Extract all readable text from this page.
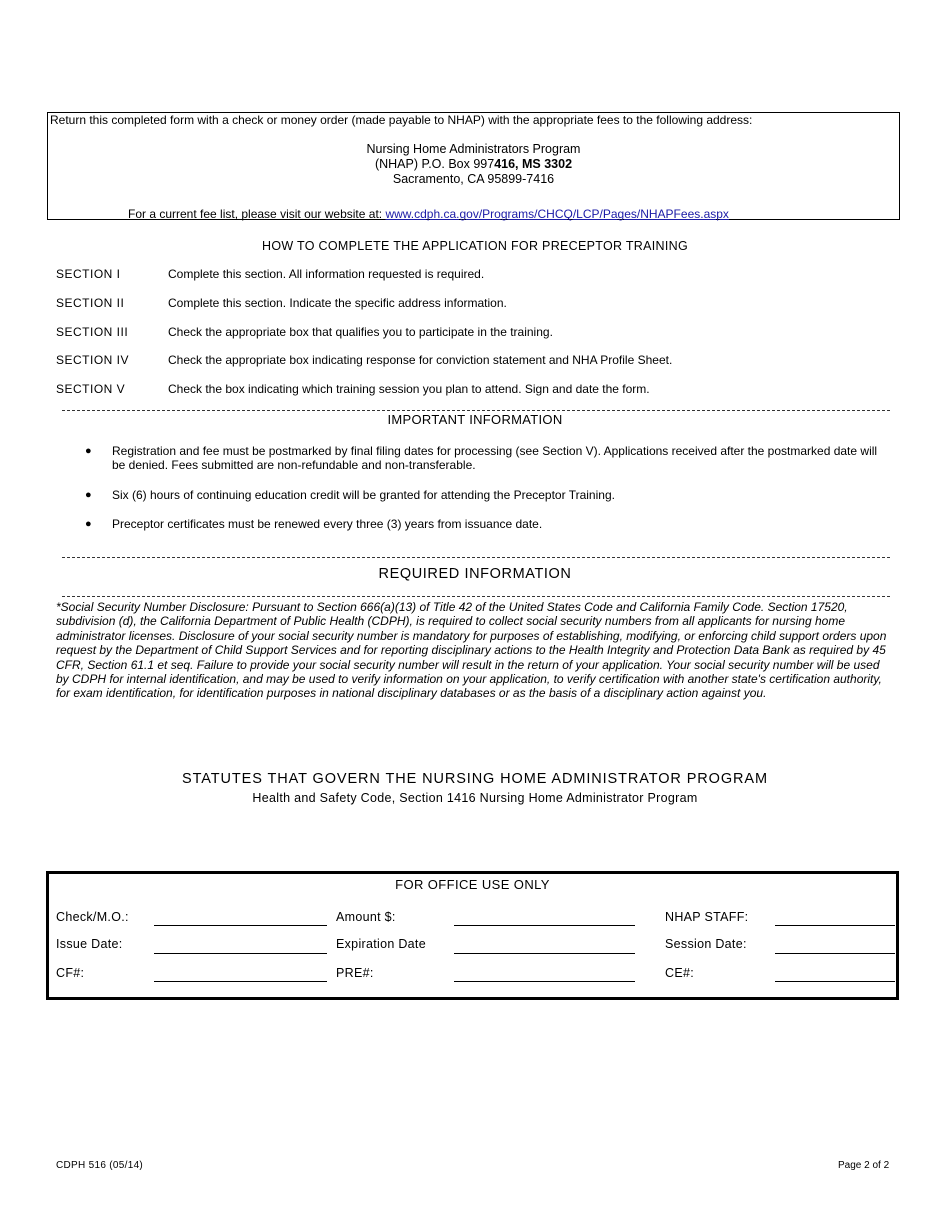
Return this completed form with a check or money order (made payable to NHAP) with the appropriate fees to the following address:
Nursing Home Administrators Program
(NHAP) P.O. Box 997416, MS 3302
Sacramento, CA 95899-7416
For a current fee list, please visit our website at: www.cdph.ca.gov/Programs/CHCQ/LCP/Pages/NHAPFees.aspx
HOW TO COMPLETE THE APPLICATION FOR PRECEPTOR TRAINING
SECTION I	Complete this section. All information requested is required.
SECTION II	Complete this section. Indicate the specific address information.
SECTION III	Check the appropriate box that qualifies you to participate in the training.
SECTION IV	Check the appropriate box indicating response for conviction statement and NHA Profile Sheet.
SECTION V	Check the box indicating which training session you plan to attend. Sign and date the form.
IMPORTANT INFORMATION
● Registration and fee must be postmarked by final filing dates for processing (see Section V). Applications received after the postmarked date will be denied. Fees submitted are non-refundable and non-transferable.
● Six (6) hours of continuing education credit will be granted for attending the Preceptor Training.
● Preceptor certificates must be renewed every three (3) years from issuance date.
REQUIRED INFORMATION
*Social Security Number Disclosure: Pursuant to Section 666(a)(13) of Title 42 of the United States Code and California Family Code. Section 17520, subdivision (d), the California Department of Public Health (CDPH), is required to collect social security numbers from all applicants for nursing home administrator licenses. Disclosure of your social security number is mandatory for purposes of establishing, modifying, or enforcing child support orders upon request by the Department of Child Support Services and for reporting disciplinary actions to the Health Integrity and Protection Data Bank as required by 45 CFR, Section 61.1 et seq. Failure to provide your social security number will result in the return of your application. Your social security number will be used by CDPH for internal identification, and may be used to verify information on your application, to verify certification with another state's certification authority, for exam identification, for identification purposes in national disciplinary databases or as the basis of a disciplinary action against you.
STATUTES THAT GOVERN THE NURSING HOME ADMINISTRATOR PROGRAM
Health and Safety Code, Section 1416 Nursing Home Administrator Program
FOR OFFICE USE ONLY
Check/M.O.:	Amount $:	NHAP STAFF:
Issue Date:	Expiration Date	Session Date:
CF#:	PRE#:	CE#:
CDPH 516 (05/14)	Page 2 of 2
